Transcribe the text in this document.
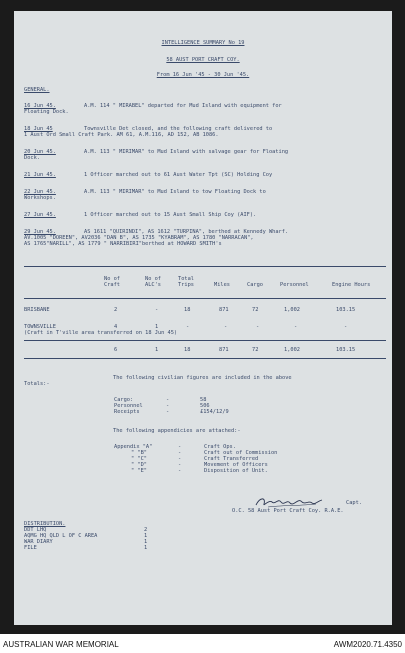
INTELLIGENCE SUMMARY No 19
58 AUST PORT CRAFT COY.
From 16 Jun '45 - 30 Jun '45.
GENERAL.
16 Jun 45.	A.M. 114 " MIRABEL" departed for Mud Island with equipment for
Floating Dock.
18 Jun 45	Townsville Det closed, and the following craft delivered to
1 Aust Ord Small Craft Park. AM 61, A.M.116, AD 152, AB 1086.
20 Jun 45.	A.M. 113 " MIRIMAR" to Mud Island with salvage gear for Floating
Dock.
21 Jun 45.	1 Officer marched out to 61 Aust Water Tpt (SC) Holding Coy
22 Jun 45.	A.M. 113 " MIRIMAR" to Mud Island to tow Floating Dock to
Workshops.
27 Jun 45.	1 Officer marched out to 15 Aust Small Ship Coy (AIF).
29 Jun 45.	AS 1611 "QUIRINDI", AS 1612 "TURPINA", berthed at Kennedy Wharf.
AV.1005 "DOREEN", AV2036 "DAN B", AS 1735 "KYABRAM", AS 1780 "NARRACAN",
AS 1765"NARILL", AS 1779 " NARRIBIRI"berthed at HOWARD SMITH's
No of
Craft
No of
ALC's
Total
Trips	Miles	Cargo	Personnel	Engine Hours
BRISBANE	2	-	18	871	72	1,002	103.15
TOWNSVILLE	4	1	-	-	-	-	-
(Craft in T'ville area transferred on 18 Jun 45)
6	1	18	871	72	1,002	103.15
The following civilian figures are included in the above
Totals:-
Cargo:	-	58
Personnel	-	506
Receipts	-	£154/12/9
The following appendicies are attached:-
Appendix "A"	-	Craft Ops.
" "B"	-	Craft out of Commission
" "C"	-	Craft Transferred
" "D"	-	Movement of Officers
" "E"	-	Disposition of Unit.
Capt.
O.C. 58 Aust Port Craft Coy. R.A.E.
DISTRIBUTION.
DDT LHQ	2
AQMG HQ QLD L OF C AREA	1
WAR DIARY	1
FILE	1
AUSTRALIAN WAR MEMORIAL	AWM2020.71.4350
